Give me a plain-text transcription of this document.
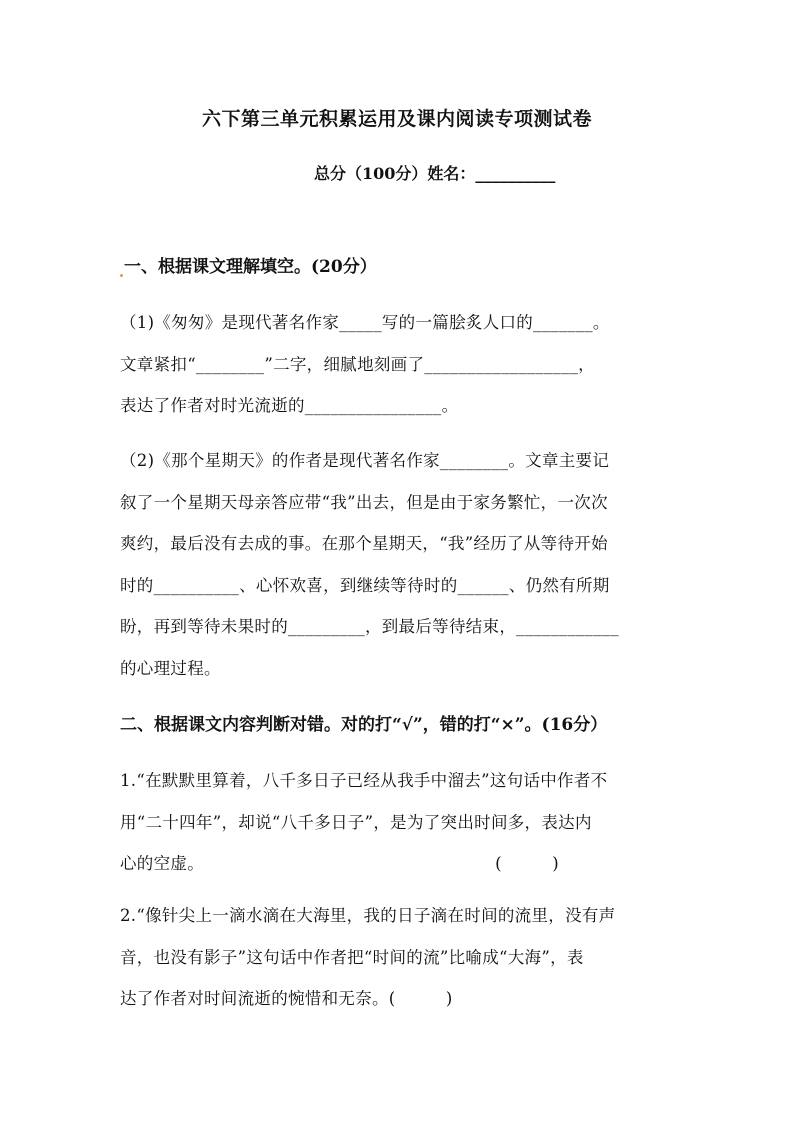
六下第三单元积累运用及课内阅读专项测试卷
总分（100分）姓名：__________
一、根据课文理解填空。(20分）
（1)《匆匆》是现代著名作家_____写的一篇脍炙人口的_______。
文章紧扣“________”二字，细腻地刻画了__________________，
表达了作者对时光流逝的________________。
（2)《那个星期天》的作者是现代著名作家________。文章主要记
叙了一个星期天母亲答应带“我”出去，但是由于家务繁忙，一次次
爽约，最后没有去成的事。在那个星期天，“我”经历了从等待开始
时的__________、心怀欢喜，到继续等待时的______、仍然有所期
盼，再到等待未果时的_________，到最后等待结束，____________
的心理过程。
二、根据课文内容判断对错。对的打“√”，错的打“×”。(16分）
1.“在默默里算着，八千多日子已经从我手中溜去”这句话中作者不
用“二十四年”，却说“八千多日子”，是为了突出时间多，表达内
心的空虚。	(　　　)
2.“像针尖上一滴水滴在大海里，我的日子滴在时间的流里，没有声
音，也没有影子”这句话中作者把“时间的流”比喻成“大海”，表
达了作者对时间流逝的惋惜和无奈。(　　　)
